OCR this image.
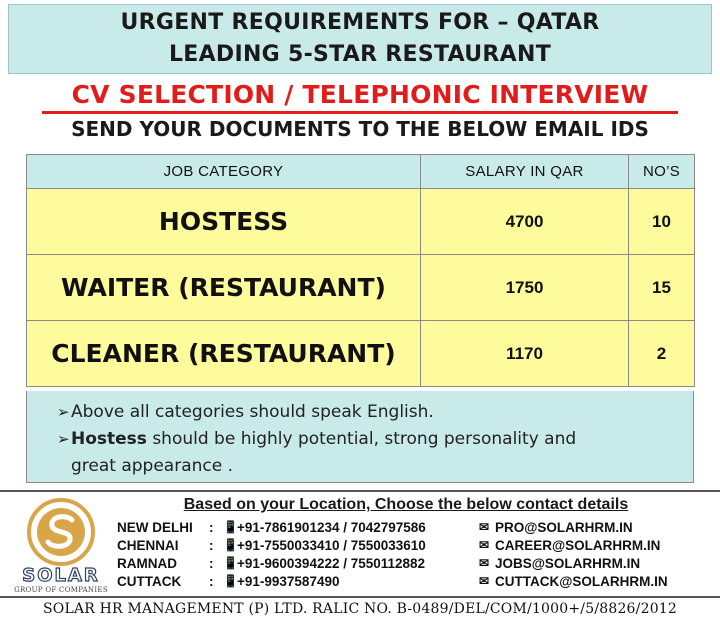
URGENT REQUIREMENTS FOR – QATAR
LEADING 5-STAR RESTAURANT
CV SELECTION / TELEPHONIC INTERVIEW
SEND YOUR DOCUMENTS TO THE BELOW EMAIL IDS
JOB CATEGORY	SALARY IN QAR	NO’S
HOSTESS	4700	10
WAITER (RESTAURANT)	1750	15
CLEANER (RESTAURANT)	1170	2
➢ Above all categories should speak English.
➢ Hostess should be highly potential, strong personality and
great appearance .
SOLAR
GROUP OF COMPANIES
Based on your Location, Choose the below contact details
NEW DELHI	: 📱 +91-7861901234 / 7042797586	✉ PRO@SOLARHRM.IN
CHENNAI	: 📱 +91-7550033410 / 7550033610	✉ CAREER@SOLARHRM.IN
RAMNAD	: 📱 +91-9600394222 / 7550112882	✉ JOBS@SOLARHRM.IN
CUTTACK	: 📱 +91-9937587490	✉ CUTTACK@SOLARHRM.IN
SOLAR HR MANAGEMENT (P) LTD. RALIC NO. B-0489/DEL/COM/1000+/5/8826/2012
